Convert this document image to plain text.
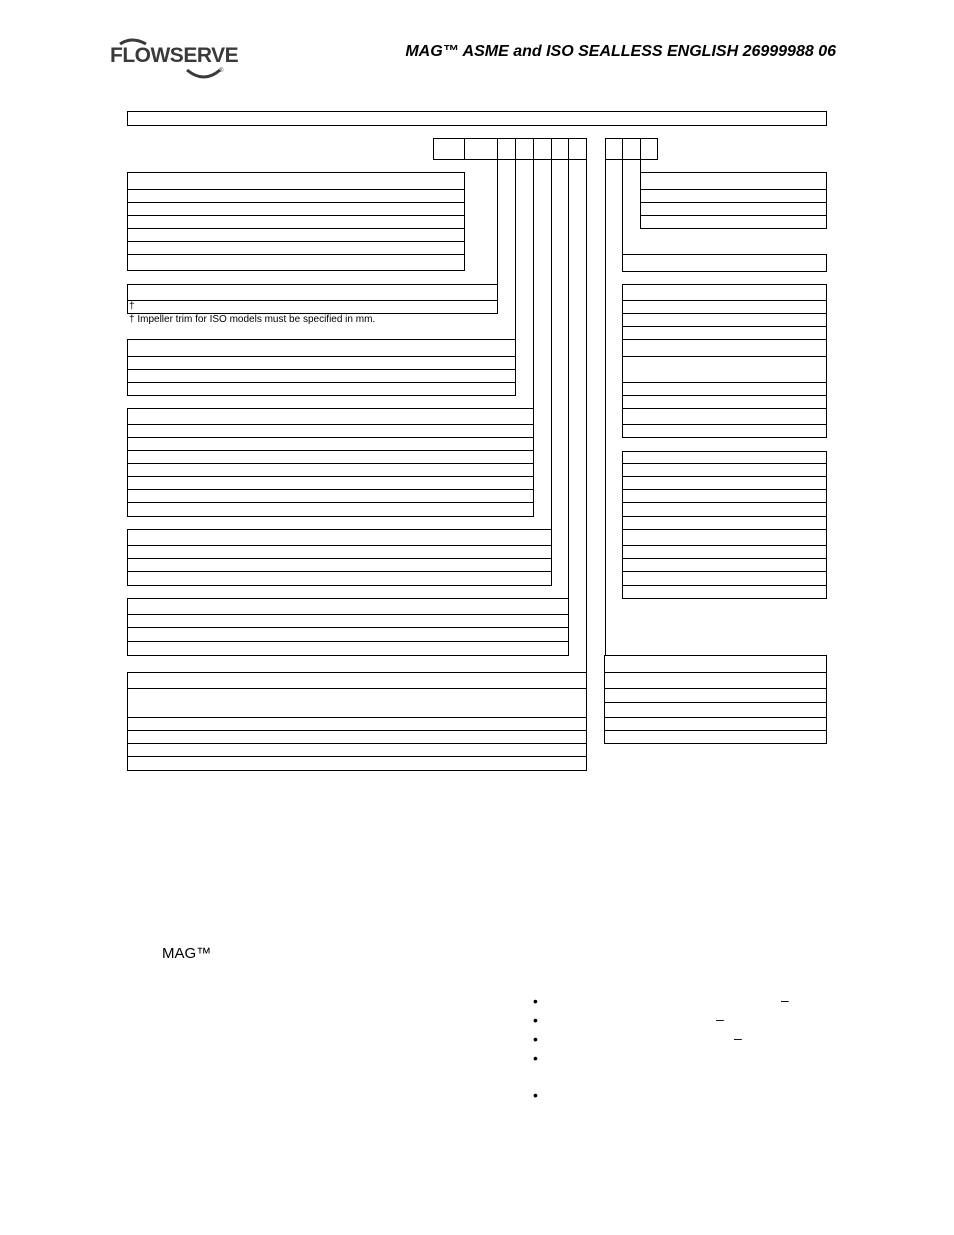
FLOWSERVE
®
MAG™ ASME and ISO SEALLESS ENGLISH 26999988 06
†
† Impeller trim for ISO models must be specified in mm.
MAG™
•
•
•
•
•
–
–
–
